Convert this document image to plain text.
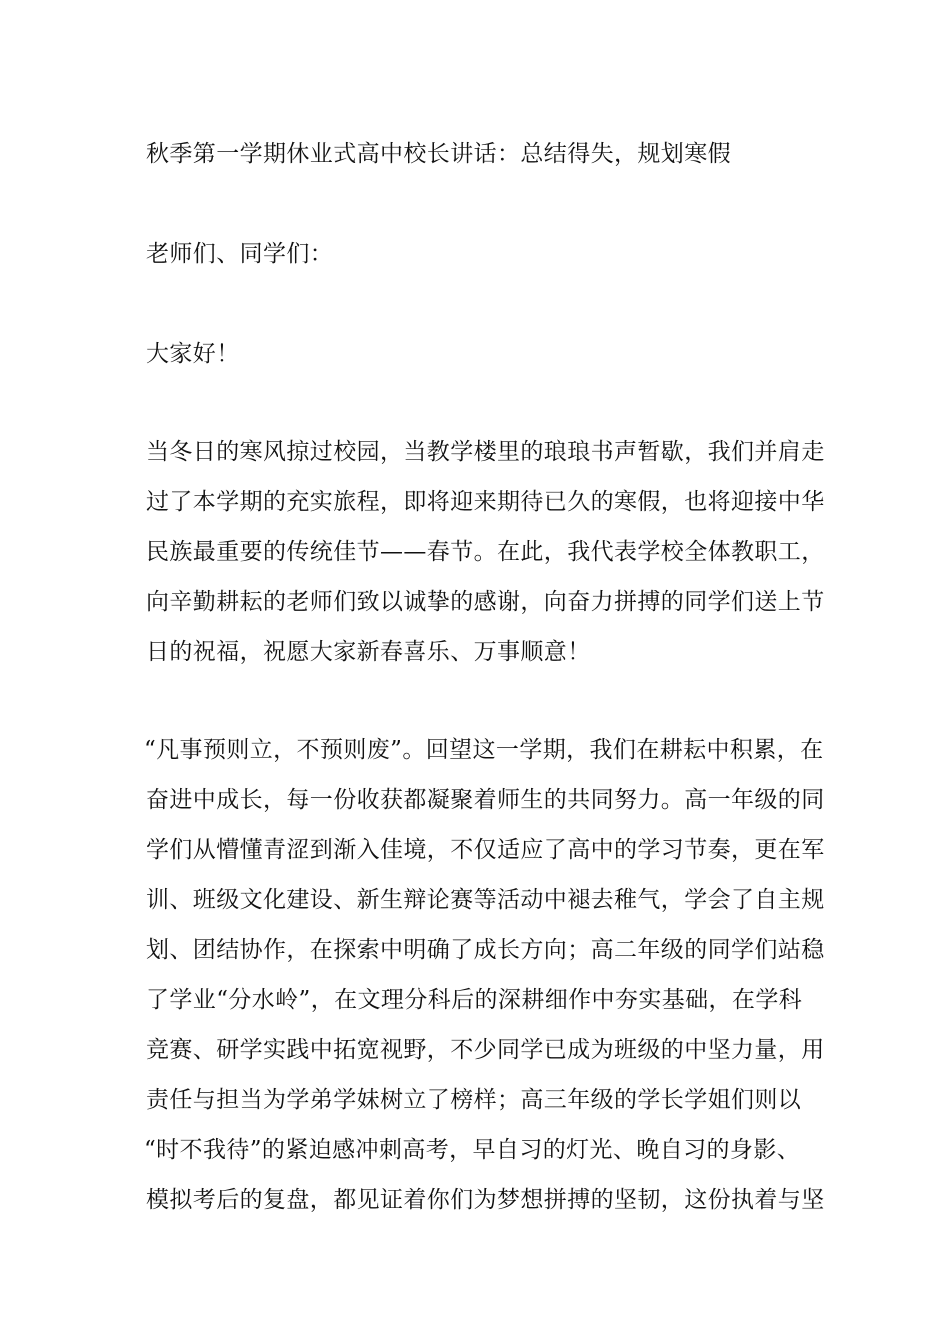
秋季第一学期休业式高中校长讲话：总结得失，规划寒假

老师们、同学们：

大家好！

当冬日的寒风掠过校园，当教学楼里的琅琅书声暂歇，我们并肩走

过了本学期的充实旅程，即将迎来期待已久的寒假，也将迎接中华

民族最重要的传统佳节——春节。在此，我代表学校全体教职工，

向辛勤耕耘的老师们致以诚挚的感谢，向奋力拼搏的同学们送上节

日的祝福，祝愿大家新春喜乐、万事顺意！

“凡事预则立，不预则废”。回望这一学期，我们在耕耘中积累，在

奋进中成长，每一份收获都凝聚着师生的共同努力。高一年级的同

学们从懵懂青涩到渐入佳境，不仅适应了高中的学习节奏，更在军

训、班级文化建设、新生辩论赛等活动中褪去稚气，学会了自主规

划、团结协作，在探索中明确了成长方向；高二年级的同学们站稳

了学业“分水岭”，在文理分科后的深耕细作中夯实基础，在学科

竞赛、研学实践中拓宽视野，不少同学已成为班级的中坚力量，用

责任与担当为学弟学妹树立了榜样；高三年级的学长学姐们则以

“时不我待”的紧迫感冲刺高考，早自习的灯光、晚自习的身影、

模拟考后的复盘，都见证着你们为梦想拼搏的坚韧，这份执着与坚
